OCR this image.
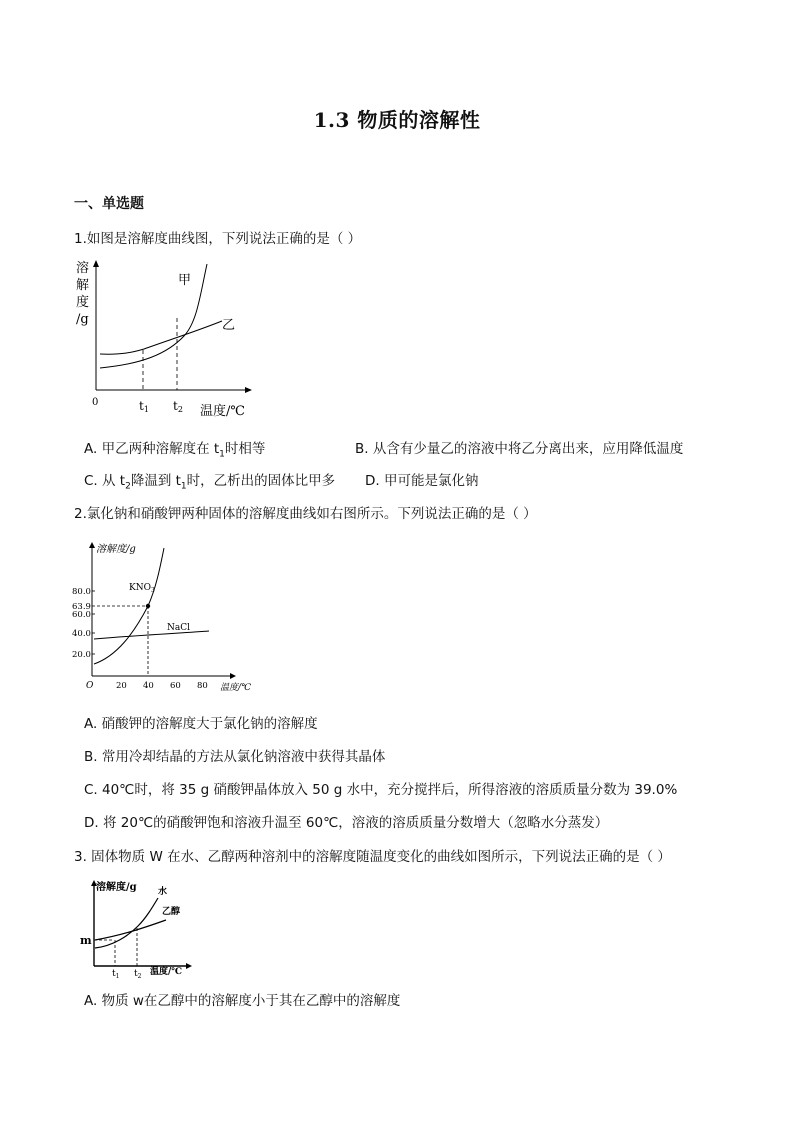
1.3 物质的溶解性
一、单选题
1.如图是溶解度曲线图，下列说法正确的是（ ）
溶
解
度
/g
0	t1 t2 温度/℃
甲
乙
A. 甲乙两种溶解度在 $t_1$时相等	B. 从含有少量乙的溶液中将乙分离出来，应用降低温度
C. 从 $t_2$降温到 $t_1$时，乙析出的固体比甲多 D. 甲可能是氯化钠
2.氯化钠和硝酸钾两种固体的溶解度曲线如右图所示。下列说法正确的是（ ）
溶解度/g
80.0
63.9
60.0
40.0
20.0
O	20 40 60 80 温度/℃
$KNO_3$
NaCl
A. 硝酸钾的溶解度大于氯化钠的溶解度
B. 常用冷却结晶的方法从氯化钠溶液中获得其晶体
C. 40℃时，将 35 g 硝酸钾晶体放入 50 g 水中，充分搅拌后，所得溶液的溶质质量分数为 39.0%
D. 将 20℃的硝酸钾饱和溶液升温至 60℃，溶液的溶质质量分数增大（忽略水分蒸发）
3. 固体物质 W 在水、乙醇两种溶剂中的溶解度随温度变化的曲线如图所示，下列说法正确的是（ ）
溶解度/g
m
$t_1$ $t_2$ 温度/℃
水
乙醇
A. 物质 w在乙醇中的溶解度小于其在乙醇中的溶解度
